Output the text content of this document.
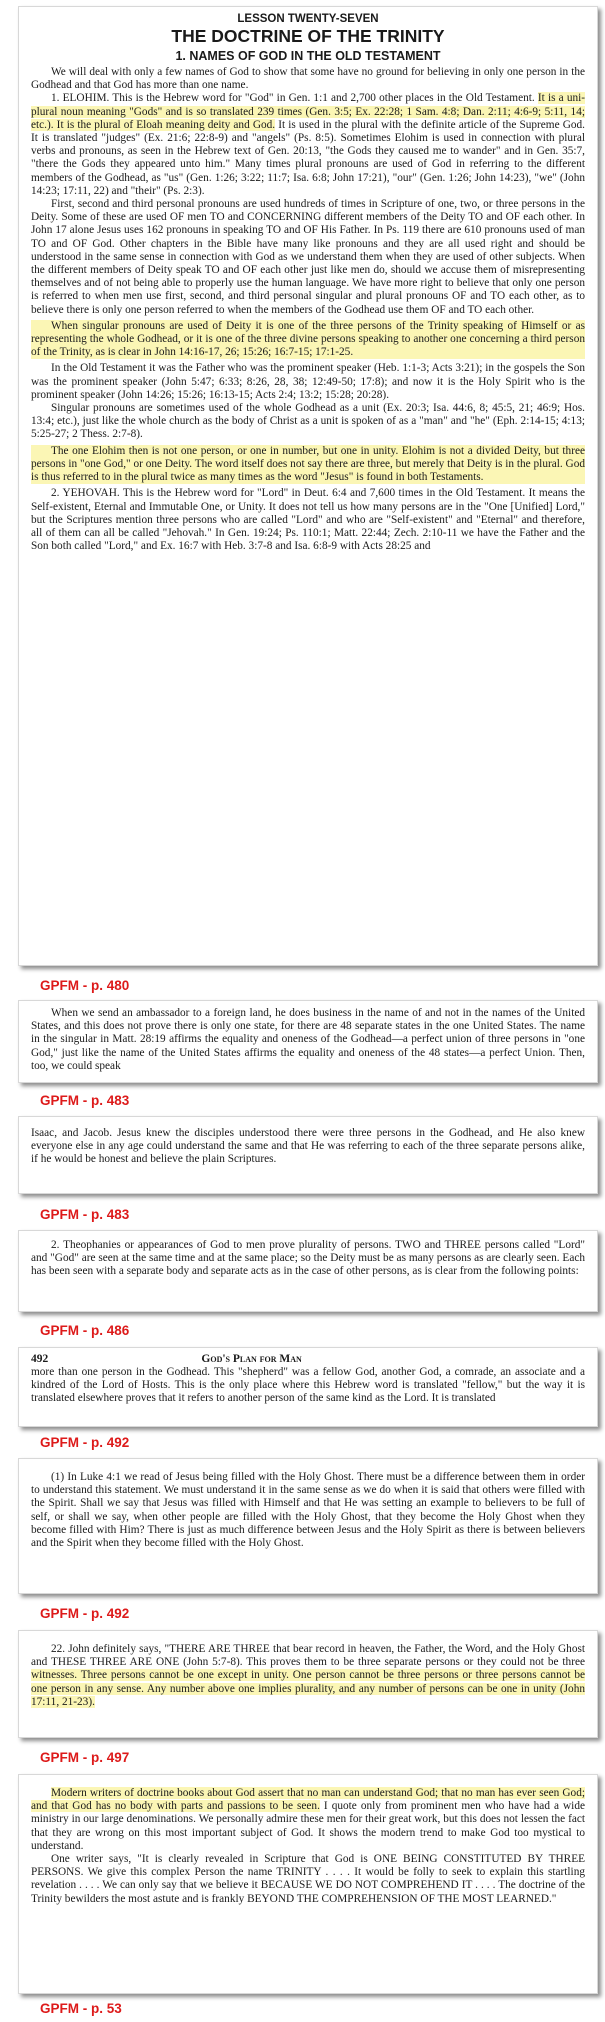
LESSON TWENTY-SEVEN
THE DOCTRINE OF THE TRINITY
1. NAMES OF GOD IN THE OLD TESTAMENT

We will deal with only a few names of God to show that some have no ground for believing in only one person in the Godhead and that God has more than one name.

1. ELOHIM. This is the Hebrew word for "God" in Gen. 1:1 and 2,700 other places in the Old Testament. It is a uni-plural noun meaning "Gods" and is so translated 239 times (Gen. 3:5; Ex. 22:28; 1 Sam. 4:8; Dan. 2:11; 4:6-9; 5:11, 14; etc.). It is the plural of Eloah meaning deity and God. It is used in the plural with the definite article of the Supreme God. It is translated "judges" (Ex. 21:6; 22:8-9) and "angels" (Ps. 8:5). Sometimes Elohim is used in connection with plural verbs and pronouns, as seen in the Hebrew text of Gen. 20:13, "the Gods they caused me to wander" and in Gen. 35:7, "there the Gods they appeared unto him." Many times plural pronouns are used of God in referring to the different members of the Godhead, as "us" (Gen. 1:26; 3:22; 11:7; Isa. 6:8; John 17:21), "our" (Gen. 1:26; John 14:23), "we" (John 14:23; 17:11, 22) and "their" (Ps. 2:3).

First, second and third personal pronouns are used hundreds of times in Scripture of one, two, or three persons in the Deity. Some of these are used OF men TO and CONCERNING different members of the Deity TO and OF each other. In John 17 alone Jesus uses 162 pronouns in speaking TO and OF His Father. In Ps. 119 there are 610 pronouns used of man TO and OF God. Other chapters in the Bible have many like pronouns and they are all used right and should be understood in the same sense in connection with God as we understand them when they are used of other subjects. When the different members of Deity speak TO and OF each other just like men do, should we accuse them of misrepresenting themselves and of not being able to properly use the human language. We have more right to believe that only one person is referred to when men use first, second, and third personal singular and plural pronouns OF and TO each other, as to believe there is only one person referred to when the members of the Godhead use them OF and TO each other.

When singular pronouns are used of Deity it is one of the three persons of the Trinity speaking of Himself or as representing the whole Godhead, or it is one of the three divine persons speaking to another one concerning a third person of the Trinity, as is clear in John 14:16-17, 26; 15:26; 16:7-15; 17:1-25.

In the Old Testament it was the Father who was the prominent speaker (Heb. 1:1-3; Acts 3:21); in the gospels the Son was the prominent speaker (John 5:47; 6:33; 8:26, 28, 38; 12:49-50; 17:8); and now it is the Holy Spirit who is the prominent speaker (John 14:26; 15:26; 16:13-15; Acts 2:4; 13:2; 15:28; 20:28).

Singular pronouns are sometimes used of the whole Godhead as a unit (Ex. 20:3; Isa. 44:6, 8; 45:5, 21; 46:9; Hos. 13:4; etc.), just like the whole church as the body of Christ as a unit is spoken of as a "man" and "he" (Eph. 2:14-15; 4:13; 5:25-27; 2 Thess. 2:7-8).

The one Elohim then is not one person, or one in number, but one in unity. Elohim is not a divided Deity, but three persons in "one God," or one Deity. The word itself does not say there are three, but merely that Deity is in the plural. God is thus referred to in the plural twice as many times as the word "Jesus" is found in both Testaments.

2. YEHOVAH. This is the Hebrew word for "Lord" in Deut. 6:4 and 7,600 times in the Old Testament. It means the Self-existent, Eternal and Immutable One, or Unity. It does not tell us how many persons are in the "One [Unified] Lord," but the Scriptures mention three persons who are called "Lord" and who are "Self-existent" and "Eternal" and therefore, all of them can all be called "Jehovah." In Gen. 19:24; Ps. 110:1; Matt. 22:44; Zech. 2:10-11 we have the Father and the Son both called "Lord," and Ex. 16:7 with Heb. 3:7-8 and Isa. 6:8-9 with Acts 28:25 and

GPFM - p. 480

When we send an ambassador to a foreign land, he does business in the name of and not in the names of the United States, and this does not prove there is only one state, for there are 48 separate states in the one United States. The name in the singular in Matt. 28:19 affirms the equality and oneness of the Godhead—a perfect union of three persons in "one God," just like the name of the United States affirms the equality and oneness of the 48 states—a perfect Union. Then, too, we could speak

GPFM - p. 483

Isaac, and Jacob. Jesus knew the disciples understood there were three persons in the Godhead, and He also knew everyone else in any age could understand the same and that He was referring to each of the three separate persons alike, if he would be honest and believe the plain Scriptures.

GPFM - p. 483

2. Theophanies or appearances of God to men prove plurality of persons. TWO and THREE persons called "Lord" and "God" are seen at the same time and at the same place; so the Deity must be as many persons as are clearly seen. Each has been seen with a separate body and separate acts as in the case of other persons, as is clear from the following points:

GPFM - p. 486
492	God's Plan for Man

more than one person in the Godhead. This "shepherd" was a fellow God, another God, a comrade, an associate and a kindred of the Lord of Hosts. This is the only place where this Hebrew word is translated "fellow," but the way it is translated elsewhere proves that it refers to another person of the same kind as the Lord. It is translated

GPFM - p. 492

(1) In Luke 4:1 we read of Jesus being filled with the Holy Ghost. There must be a difference between them in order to understand this statement. We must understand it in the same sense as we do when it is said that others were filled with the Spirit. Shall we say that Jesus was filled with Himself and that He was setting an example to believers to be full of self, or shall we say, when other people are filled with the Holy Ghost, that they become the Holy Ghost when they become filled with Him? There is just as much difference between Jesus and the Holy Spirit as there is between believers and the Spirit when they become filled with the Holy Ghost.

GPFM - p. 492

22. John definitely says, "THERE ARE THREE that bear record in heaven, the Father, the Word, and the Holy Ghost and THESE THREE ARE ONE (John 5:7-8). This proves them to be three separate persons or they could not be three witnesses. Three persons cannot be one except in unity. One person cannot be three persons or three persons cannot be one person in any sense. Any number above one implies plurality, and any number of persons can be one in unity (John 17:11, 21-23).

GPFM - p. 497

Modern writers of doctrine books about God assert that no man can understand God; that no man has ever seen God; and that God has no body with parts and passions to be seen. I quote only from prominent men who have had a wide ministry in our large denominations. We personally admire these men for their great work, but this does not lessen the fact that they are wrong on this most important subject of God. It shows the modern trend to make God too mystical to understand.

One writer says, "It is clearly revealed in Scripture that God is ONE BEING CONSTITUTED BY THREE PERSONS. We give this complex Person the name TRINITY . . . . It would be folly to seek to explain this startling revelation . . . . We can only say that we believe it BECAUSE WE DO NOT COMPREHEND IT . . . . The doctrine of the Trinity bewilders the most astute and is frankly BEYOND THE COMPREHENSION OF THE MOST LEARNED."

GPFM - p. 53
